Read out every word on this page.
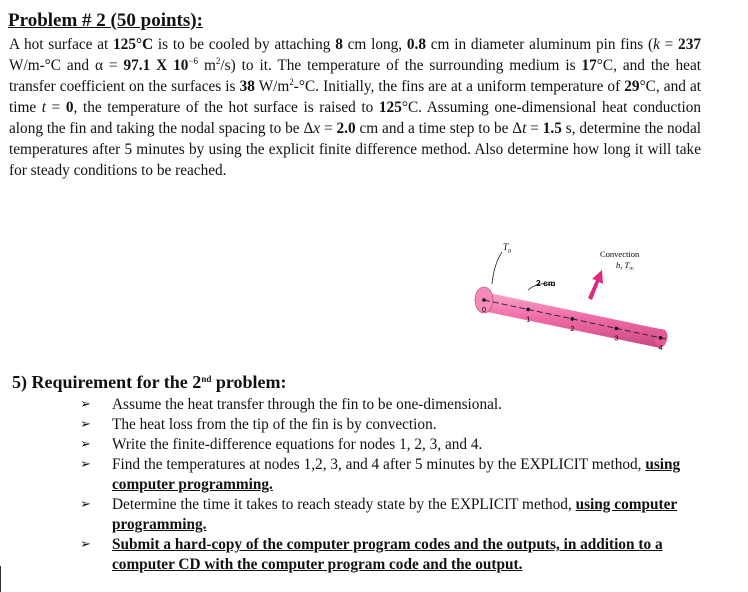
Problem # 2 (50 points):
A hot surface at 125°C is to be cooled by attaching 8 cm long, 0.8 cm in diameter aluminum pin fins (k = 237 W/m-°C and α = 97.1 X $10^{-6}$ $m^2/s$) to it. The temperature of the surrounding medium is 17°C, and the heat transfer coefficient on the surfaces is 38 $W/m^2-^\circ C$. Initially, the fins are at a uniform temperature of 29°C, and at time t = 0, the temperature of the hot surface is raised to 125°C. Assuming one-dimensional heat conduction along the fin and taking the nodal spacing to be Δx = 2.0 cm and a time step to be Δt = 1.5 s, determine the nodal temperatures after 5 minutes by using the explicit finite difference method. Also determine how long it will take for steady conditions to be reached.
0
1
2
3
4
$T_0$
2 cm
Convection
h, $T_\infty$
5) Requirement for the 2nd problem:
➢ Assume the heat transfer through the fin to be one-dimensional.
➢ The heat loss from the tip of the fin is by convection.
➢ Write the finite-difference equations for nodes 1, 2, 3, and 4.
➢ Find the temperatures at nodes 1,2, 3, and 4 after 5 minutes by the EXPLICIT method, using computer programming.
➢ Determine the time it takes to reach steady state by the EXPLICIT method, using computer programming.
➢ Submit a hard-copy of the computer program codes and the outputs, in addition to a computer CD with the computer program code and the output.
